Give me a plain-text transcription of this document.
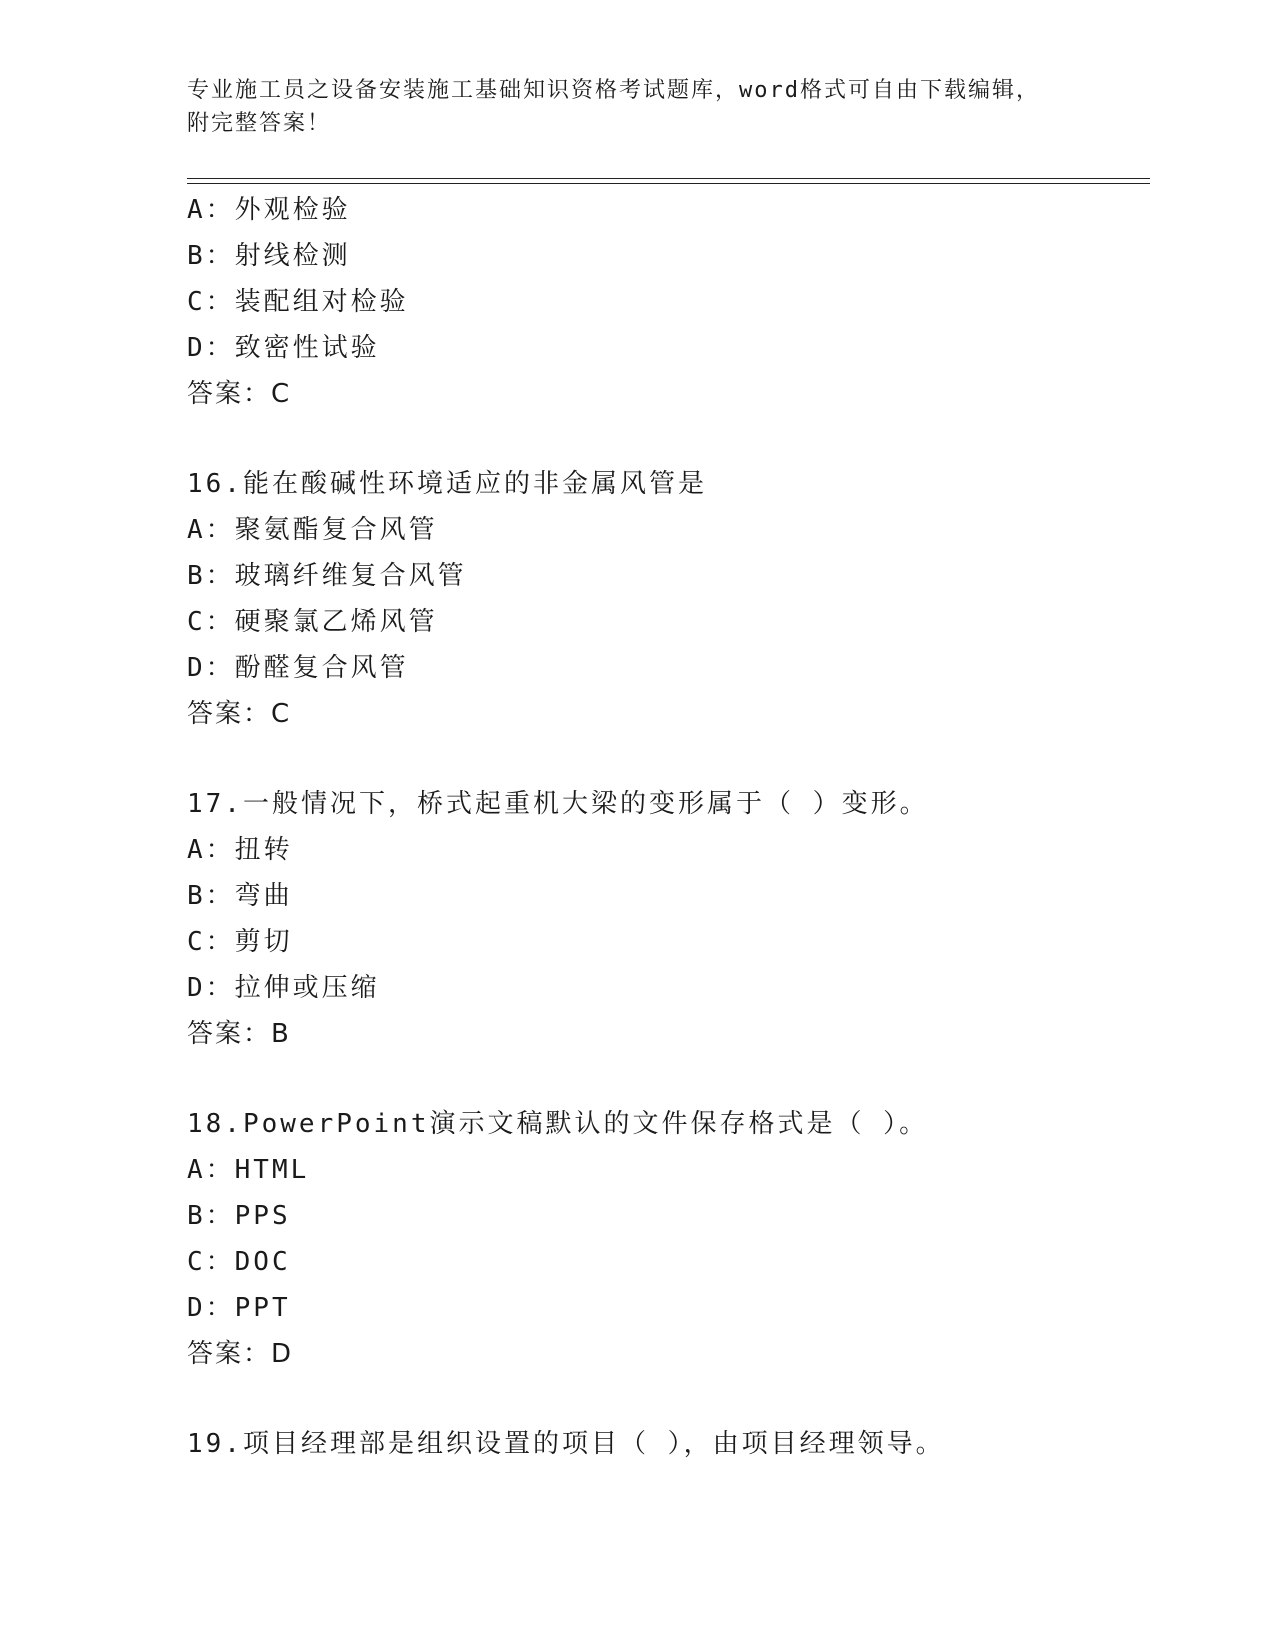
专业施工员之设备安装施工基础知识资格考试题库，word格式可自由下载编辑，
附完整答案！
A：外观检验
B：射线检测
C：装配组对检验
D：致密性试验
答案：C
16.能在酸碱性环境适应的非金属风管是
A：聚氨酯复合风管
B：玻璃纤维复合风管
C：硬聚氯乙烯风管
D：酚醛复合风管
答案：C
17.一般情况下，桥式起重机大梁的变形属于（ ）变形。
A：扭转
B：弯曲
C：剪切
D：拉伸或压缩
答案：B
18.PowerPoint演示文稿默认的文件保存格式是（ ）。
A：HTML
B：PPS
C：DOC
D：PPT
答案：D
19.项目经理部是组织设置的项目（ ），由项目经理领导。
